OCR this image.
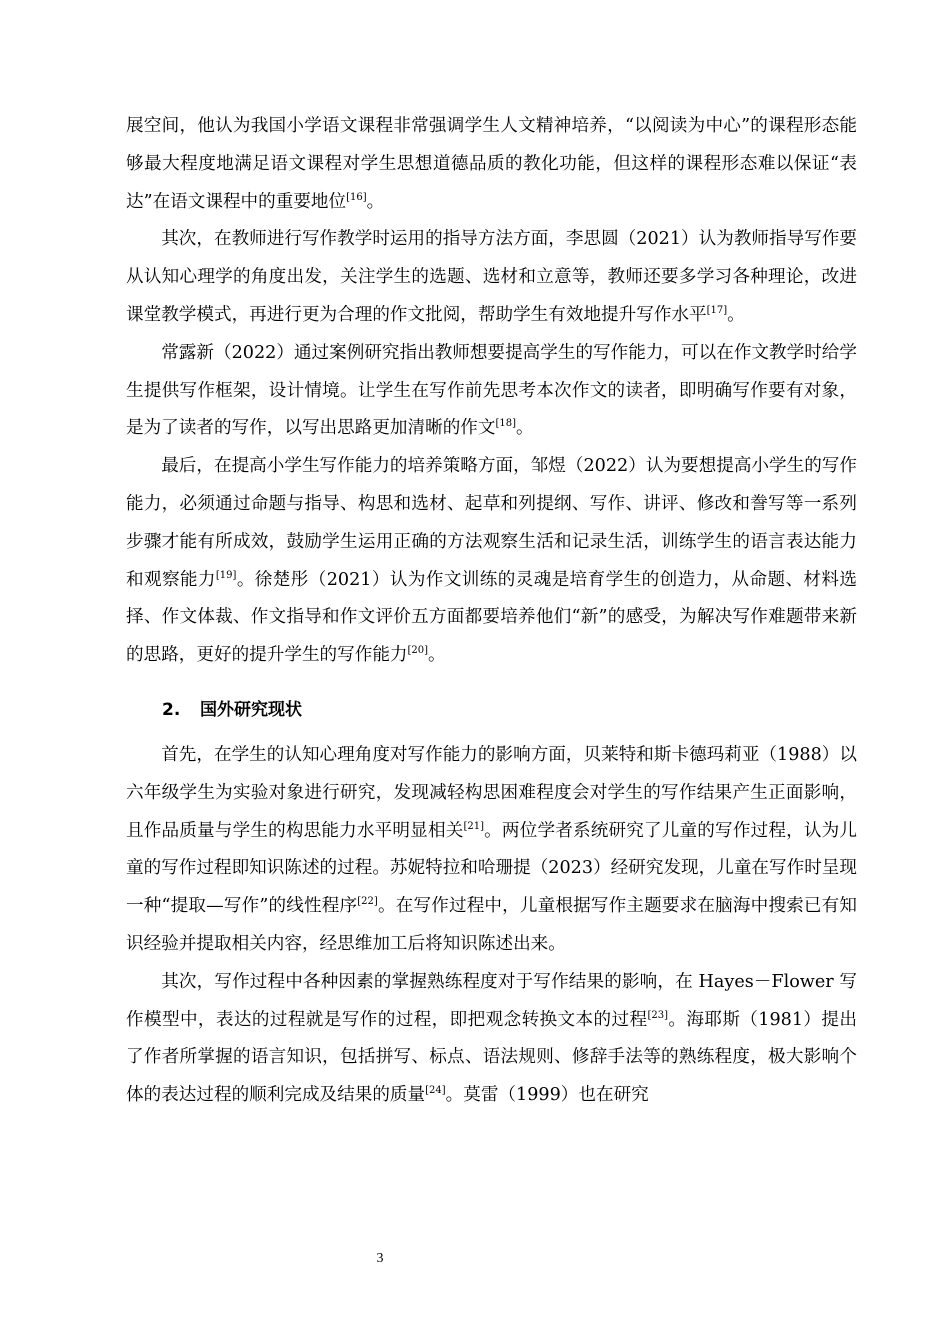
展空间，他认为我国小学语文课程非常强调学生人文精神培养，“以阅读为中心”的课程形态能够最大程度地满足语文课程对学生思想道德品质的教化功能，但这样的课程形态难以保证“表达”在语文课程中的重要地位[16]。

其次，在教师进行写作教学时运用的指导方法方面，李思圆（2021）认为教师指导写作要从认知心理学的角度出发，关注学生的选题、选材和立意等，教师还要多学习各种理论，改进课堂教学模式，再进行更为合理的作文批阅，帮助学生有效地提升写作水平[17]。

常露新（2022）通过案例研究指出教师想要提高学生的写作能力，可以在作文教学时给学生提供写作框架，设计情境。让学生在写作前先思考本次作文的读者，即明确写作要有对象，是为了读者的写作，以写出思路更加清晰的作文[18]。

最后，在提高小学生写作能力的培养策略方面，邹煜（2022）认为要想提高小学生的写作能力，必须通过命题与指导、构思和选材、起草和列提纲、写作、讲评、修改和誊写等一系列步骤才能有所成效，鼓励学生运用正确的方法观察生活和记录生活，训练学生的语言表达能力和观察能力[19]。徐楚彤（2021）认为作文训练的灵魂是培育学生的创造力，从命题、材料选择、作文体裁、作文指导和作文评价五方面都要培养他们“新”的感受，为解决写作难题带来新的思路，更好的提升学生的写作能力[20]。

2. 国外研究现状

首先，在学生的认知心理角度对写作能力的影响方面，贝莱特和斯卡德玛莉亚（1988）以六年级学生为实验对象进行研究，发现减轻构思困难程度会对学生的写作结果产生正面影响，且作品质量与学生的构思能力水平明显相关[21]。两位学者系统研究了儿童的写作过程，认为儿童的写作过程即知识陈述的过程。苏妮特拉和哈珊提（2023）经研究发现，儿童在写作时呈现一种“提取—写作”的线性程序[22]。在写作过程中，儿童根据写作主题要求在脑海中搜索已有知识经验并提取相关内容，经思维加工后将知识陈述出来。

其次，写作过程中各种因素的掌握熟练程度对于写作结果的影响，在 Hayes－Flower 写作模型中，表达的过程就是写作的过程，即把观念转换文本的过程[23]。海耶斯（1981）提出了作者所掌握的语言知识，包括拼写、标点、语法规则、修辞手法等的熟练程度，极大影响个体的表达过程的顺利完成及结果的质量[24]。莫雷（1999）也在研究

3
